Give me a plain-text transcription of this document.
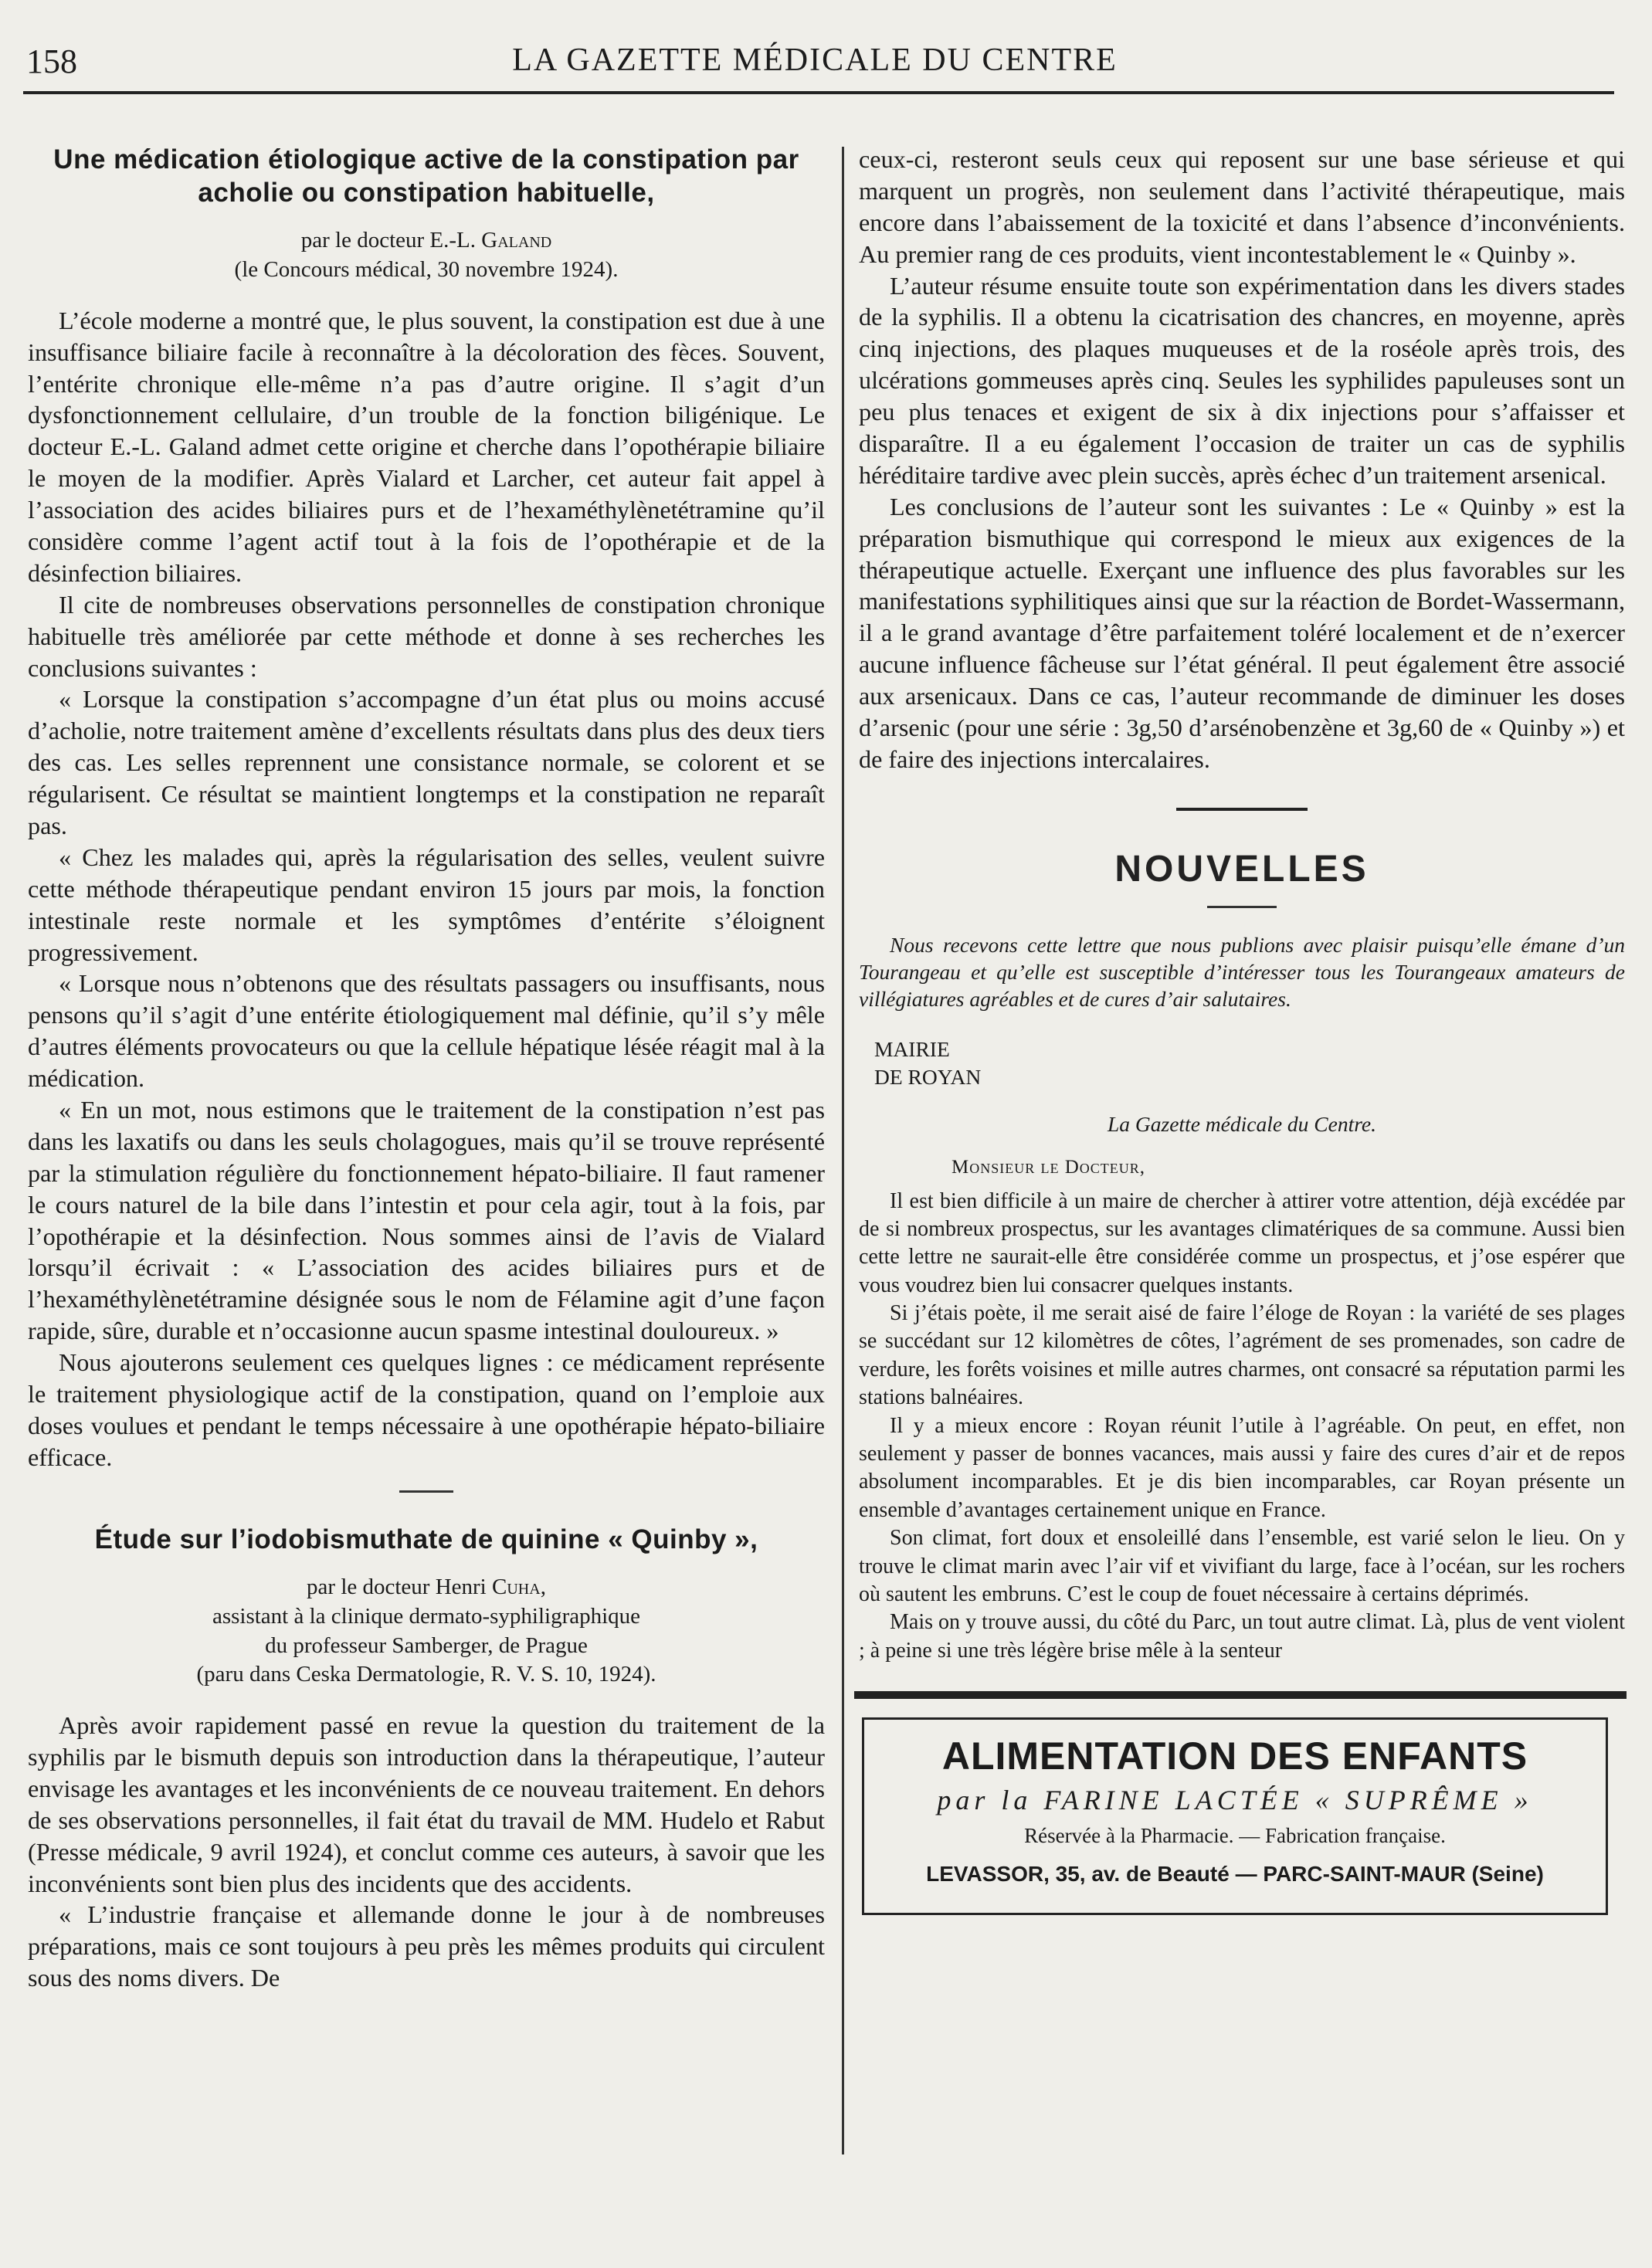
158	LA GAZETTE MÉDICALE DU CENTRE
Une médication étiologique active de la constipation par acholie ou constipation habituelle,
par le docteur E.-L. Galand
(le Concours médical, 30 novembre 1924).

L’école moderne a montré que, le plus souvent, la constipation est due à une insuffisance biliaire facile à reconnaître à la décoloration des fèces. Souvent, l’entérite chronique elle-même n’a pas d’autre origine. Il s’agit d’un dysfonctionnement cellulaire, d’un trouble de la fonction biligénique. Le docteur E.-L. Galand admet cette origine et cherche dans l’opothérapie biliaire le moyen de la modifier. Après Vialard et Larcher, cet auteur fait appel à l’association des acides biliaires purs et de l’hexaméthylènetétramine qu’il considère comme l’agent actif tout à la fois de l’opothérapie et de la désinfection biliaires.

Il cite de nombreuses observations personnelles de constipation chronique habituelle très améliorée par cette méthode et donne à ses recherches les conclusions suivantes :

« Lorsque la constipation s’accompagne d’un état plus ou moins accusé d’acholie, notre traitement amène d’excellents résultats dans plus des deux tiers des cas. Les selles reprennent une consistance normale, se colorent et se régularisent. Ce résultat se maintient longtemps et la constipation ne reparaît pas.

« Chez les malades qui, après la régularisation des selles, veulent suivre cette méthode thérapeutique pendant environ 15 jours par mois, la fonction intestinale reste normale et les symptômes d’entérite s’éloignent progressivement.

« Lorsque nous n’obtenons que des résultats passagers ou insuffisants, nous pensons qu’il s’agit d’une entérite étiologiquement mal définie, qu’il s’y mêle d’autres éléments provocateurs ou que la cellule hépatique lésée réagit mal à la médication.

« En un mot, nous estimons que le traitement de la constipation n’est pas dans les laxatifs ou dans les seuls cholagogues, mais qu’il se trouve représenté par la stimulation régulière du fonctionnement hépato-biliaire. Il faut ramener le cours naturel de la bile dans l’intestin et pour cela agir, tout à la fois, par l’opothérapie et la désinfection. Nous sommes ainsi de l’avis de Vialard lorsqu’il écrivait : « L’association des acides biliaires purs et de l’hexaméthylènetétramine désignée sous le nom de Félamine agit d’une façon rapide, sûre, durable et n’occasionne aucun spasme intestinal douloureux. »

Nous ajouterons seulement ces quelques lignes : ce médicament représente le traitement physiologique actif de la constipation, quand on l’emploie aux doses voulues et pendant le temps nécessaire à une opothérapie hépato-biliaire efficace.

Étude sur l’iodobismuthate de quinine « Quinby »,
par le docteur Henri Cuha,
assistant à la clinique dermato-syphiligraphique
du professeur Samberger, de Prague
(paru dans Ceska Dermatologie, R. V. S. 10, 1924).

Après avoir rapidement passé en revue la question du traitement de la syphilis par le bismuth depuis son introduction dans la thérapeutique, l’auteur envisage les avantages et les inconvénients de ce nouveau traitement. En dehors de ses observations personnelles, il fait état du travail de MM. Hudelo et Rabut (Presse médicale, 9 avril 1924), et conclut comme ces auteurs, à savoir que les inconvénients sont bien plus des incidents que des accidents.

« L’industrie française et allemande donne le jour à de nombreuses préparations, mais ce sont toujours à peu près les mêmes produits qui circulent sous des noms divers. De

ceux-ci, resteront seuls ceux qui reposent sur une base sérieuse et qui marquent un progrès, non seulement dans l’activité thérapeutique, mais encore dans l’abaissement de la toxicité et dans l’absence d’inconvénients. Au premier rang de ces produits, vient incontestablement le « Quinby ».

L’auteur résume ensuite toute son expérimentation dans les divers stades de la syphilis. Il a obtenu la cicatrisation des chancres, en moyenne, après cinq injections, des plaques muqueuses et de la roséole après trois, des ulcérations gommeuses après cinq. Seules les syphilides papuleuses sont un peu plus tenaces et exigent de six à dix injections pour s’affaisser et disparaître. Il a eu également l’occasion de traiter un cas de syphilis héréditaire tardive avec plein succès, après échec d’un traitement arsenical.

Les conclusions de l’auteur sont les suivantes : Le « Quinby » est la préparation bismuthique qui correspond le mieux aux exigences de la thérapeutique actuelle. Exerçant une influence des plus favorables sur les manifestations syphilitiques ainsi que sur la réaction de Bordet-Wassermann, il a le grand avantage d’être parfaitement toléré localement et de n’exercer aucune influence fâcheuse sur l’état général. Il peut également être associé aux arsenicaux. Dans ce cas, l’auteur recommande de diminuer les doses d’arsenic (pour une série : 3g,50 d’arsénobenzène et 3g,60 de « Quinby ») et de faire des injections intercalaires.

NOUVELLES

Nous recevons cette lettre que nous publions avec plaisir puisqu’elle émane d’un Tourangeau et qu’elle est susceptible d’intéresser tous les Tourangeaux amateurs de villégiatures agréables et de cures d’air salutaires.

MAIRIE
DE ROYAN
La Gazette médicale du Centre.
Monsieur le Docteur,

Il est bien difficile à un maire de chercher à attirer votre attention, déjà excédée par de si nombreux prospectus, sur les avantages climatériques de sa commune. Aussi bien cette lettre ne saurait-elle être considérée comme un prospectus, et j’ose espérer que vous voudrez bien lui consacrer quelques instants.

Si j’étais poète, il me serait aisé de faire l’éloge de Royan : la variété de ses plages se succédant sur 12 kilomètres de côtes, l’agrément de ses promenades, son cadre de verdure, les forêts voisines et mille autres charmes, ont consacré sa réputation parmi les stations balnéaires.

Il y a mieux encore : Royan réunit l’utile à l’agréable. On peut, en effet, non seulement y passer de bonnes vacances, mais aussi y faire des cures d’air et de repos absolument incomparables. Et je dis bien incomparables, car Royan présente un ensemble d’avantages certainement unique en France.

Son climat, fort doux et ensoleillé dans l’ensemble, est varié selon le lieu. On y trouve le climat marin avec l’air vif et vivifiant du large, face à l’océan, sur les rochers où sautent les embruns. C’est le coup de fouet nécessaire à certains déprimés.

Mais on y trouve aussi, du côté du Parc, un tout autre climat. Là, plus de vent violent ; à peine si une très légère brise mêle à la senteur

ALIMENTATION DES ENFANTS
par la FARINE LACTÉE « SUPRÊME »
Réservée à la Pharmacie. — Fabrication française.
LEVASSOR, 35, av. de Beauté — PARC-SAINT-MAUR (Seine)
